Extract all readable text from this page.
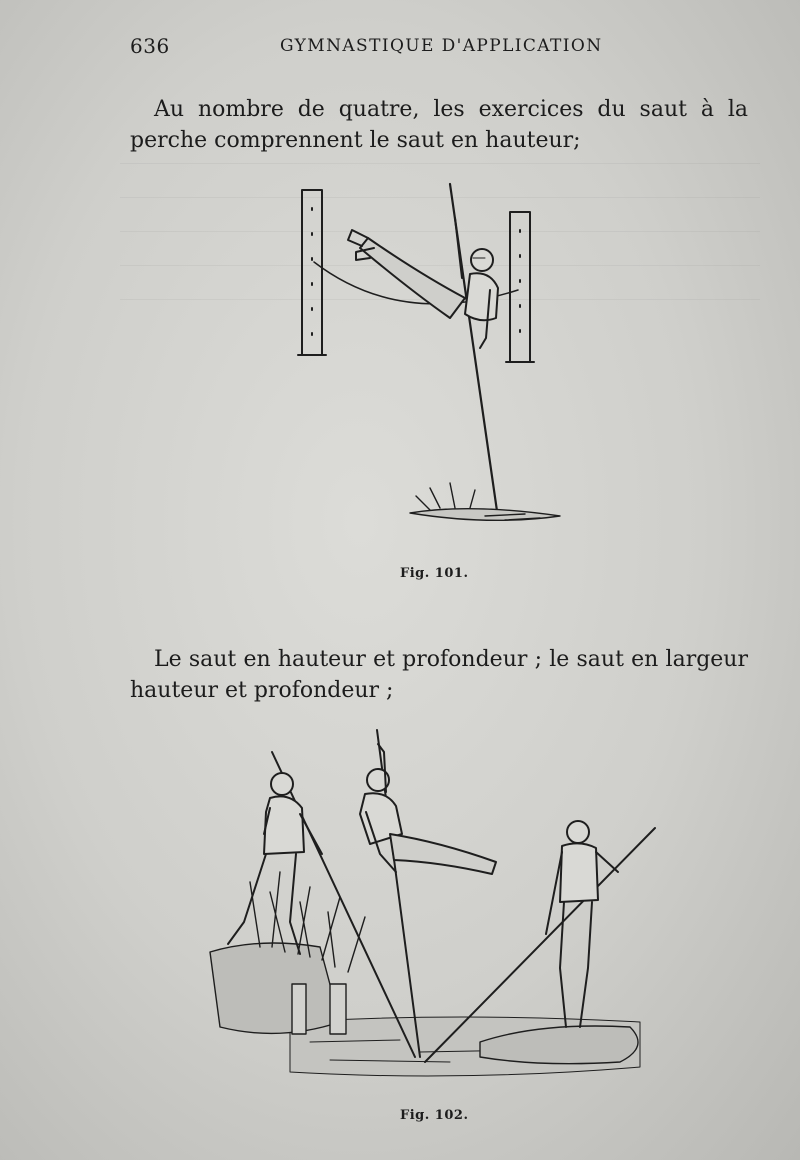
636	GYMNASTIQUE D'APPLICATION

Au nombre de quatre, les exercices du saut à la perche comprennent le saut en hauteur;

Fig. 101.

Le saut en hauteur et profondeur ; le saut en largeur hauteur et profondeur ;

Fig. 102.
